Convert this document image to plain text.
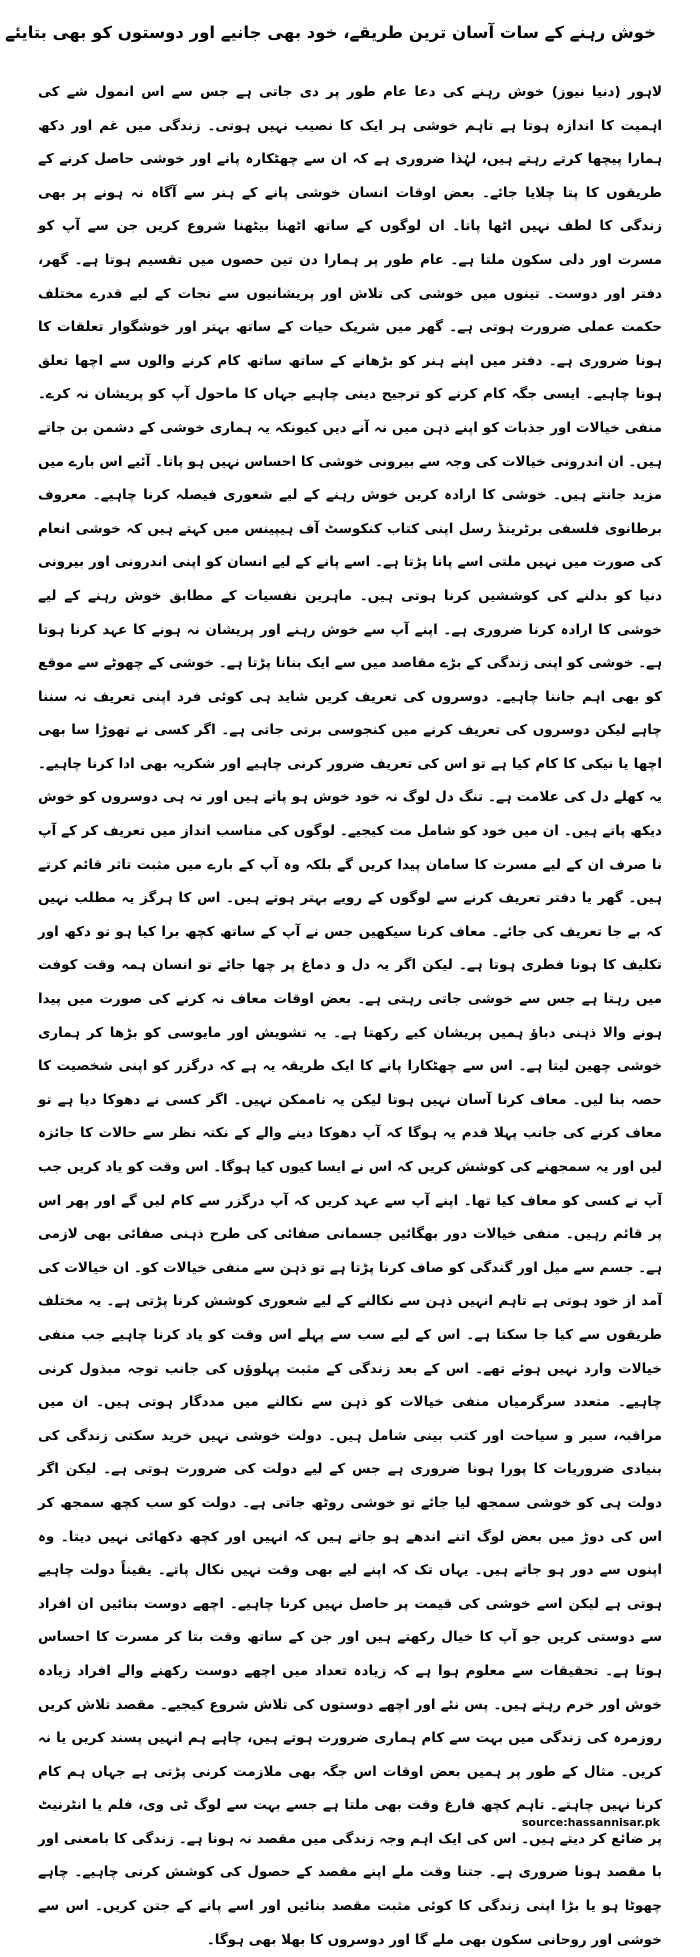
خوش رہنے کے سات آسان ترین طریقے، خود بھی جانیے اور دوستوں کو بھی بتایئے
لاہور (دنیا نیوز) خوش رہنے کی دعا عام طور پر دی جاتی ہے جس سے اس انمول شے کی اہمیت کا اندازہ ہوتا ہے تاہم خوشی ہر ایک کا نصیب نہیں ہوتی۔ زندگی میں غم اور دکھ ہمارا پیچھا کرتے رہتے ہیں، لہٰذا ضروری ہے کہ ان سے چھٹکارہ پانے اور خوشی حاصل کرنے کے طریقوں کا پتا چلایا جائے۔ بعض اوقات انسان خوشی پانے کے ہنر سے آگاہ نہ ہونے پر بھی زندگی کا لطف نہیں اٹھا پاتا۔ ان لوگوں کے ساتھ اٹھنا بیٹھنا شروع کریں جن سے آپ کو مسرت اور دلی سکون ملتا ہے۔ عام طور پر ہمارا دن تین حصوں میں تقسیم ہوتا ہے۔ گھر، دفتر اور دوست۔ تینوں میں خوشی کی تلاش اور پریشانیوں سے نجات کے لیے قدرے مختلف حکمت عملی ضرورت ہوتی ہے۔ گھر میں شریک حیات کے ساتھ بہتر اور خوشگوار تعلقات کا ہونا ضروری ہے۔ دفتر میں اپنے ہنر کو بڑھانے کے ساتھ ساتھ کام کرنے والوں سے اچھا تعلق ہونا چاہیے۔ ایسی جگہ کام کرنے کو ترجیح دینی چاہیے جہاں کا ماحول آپ کو پریشان نہ کرے۔ منفی خیالات اور جذبات کو اپنے ذہن میں نہ آنے دیں کیونکہ یہ ہماری خوشی کے دشمن بن جاتے ہیں۔ ان اندرونی خیالات کی وجہ سے بیرونی خوشی کا احساس نہیں ہو پاتا۔ آئیے اس بارے میں مزید جانتے ہیں۔ خوشی کا ارادہ کریں خوش رہنے کے لیے شعوری فیصلہ کرنا چاہیے۔ معروف برطانوی فلسفی برٹرینڈ رسل اپنی کتاب کنکوسٹ آف ہیپینس میں کہتے ہیں کہ خوشی انعام کی صورت میں نہیں ملتی اسے پانا پڑتا ہے۔ اسے پانے کے لیے انسان کو اپنی اندرونی اور بیرونی دنیا کو بدلنے کی کوششیں کرنا ہوتی ہیں۔ ماہرین نفسیات کے مطابق خوش رہنے کے لیے خوشی کا ارادہ کرنا ضروری ہے۔ اپنے آپ سے خوش رہنے اور پریشان نہ ہونے کا عہد کرنا ہوتا ہے۔ خوشی کو اپنی زندگی کے بڑے مقاصد میں سے ایک بنانا پڑتا ہے۔ خوشی کے چھوٹے سے موقع کو بھی اہم جاننا چاہیے۔ دوسروں کی تعریف کریں شاید ہی کوئی فرد اپنی تعریف نہ سننا چاہے لیکن دوسروں کی تعریف کرنے میں کنجوسی برتی جاتی ہے۔ اگر کسی نے تھوڑا سا بھی اچھا یا نیکی کا کام کیا ہے تو اس کی تعریف ضرور کرنی چاہیے اور شکریہ بھی ادا کرنا چاہیے۔ یہ کھلے دل کی علامت ہے۔ تنگ دل لوگ نہ خود خوش ہو پاتے ہیں اور نہ ہی دوسروں کو خوش دیکھ پاتے ہیں۔ ان میں خود کو شامل مت کیجیے۔ لوگوں کی مناسب انداز میں تعریف کر کے آپ نا صرف ان کے لیے مسرت کا سامان پیدا کریں گے بلکہ وہ آپ کے بارے میں مثبت تاثر قائم کرتے ہیں۔ گھر یا دفتر تعریف کرنے سے لوگوں کے رویے بہتر ہوتے ہیں۔ اس کا ہرگز یہ مطلب نہیں کہ بے جا تعریف کی جائے۔ معاف کرنا سیکھیں جس نے آپ کے ساتھ کچھ برا کیا ہو تو دکھ اور تکلیف کا ہونا فطری ہوتا ہے۔ لیکن اگر یہ دل و دماغ پر چھا جائے تو انسان ہمہ وقت کوفت میں رہتا ہے جس سے خوشی جاتی رہتی ہے۔ بعض اوقات معاف نہ کرنے کی صورت میں پیدا ہونے والا ذہنی دباؤ ہمیں پریشان کیے رکھتا ہے۔ یہ تشویش اور مایوسی کو بڑھا کر ہماری خوشی چھین لیتا ہے۔ اس سے چھٹکارا پانے کا ایک طریقہ یہ ہے کہ درگزر کو اپنی شخصیت کا حصہ بنا لیں۔ معاف کرنا آسان نہیں ہوتا لیکن یہ ناممکن نہیں۔ اگر کسی نے دھوکا دیا ہے تو معاف کرنے کی جانب پہلا قدم یہ ہوگا کہ آپ دھوکا دینے والے کے نکتہ نظر سے حالات کا جائزہ لیں اور یہ سمجھنے کی کوشش کریں کہ اس نے ایسا کیوں کیا ہوگا۔ اس وقت کو یاد کریں جب آپ نے کسی کو معاف کیا تھا۔ اپنے آپ سے عہد کریں کہ آپ درگزر سے کام لیں گے اور پھر اس پر قائم رہیں۔ منفی خیالات دور بھگائیں جسمانی صفائی کی طرح ذہنی صفائی بھی لازمی ہے۔ جسم سے میل اور گندگی کو صاف کرنا پڑتا ہے تو ذہن سے منفی خیالات کو۔ ان خیالات کی آمد از خود ہوتی ہے تاہم انہیں ذہن سے نکالنے کے لیے شعوری کوشش کرنا پڑتی ہے۔ یہ مختلف طریقوں سے کیا جا سکتا ہے۔ اس کے لیے سب سے پہلے اس وقت کو یاد کرنا چاہیے جب منفی خیالات وارد نہیں ہوئے تھے۔ اس کے بعد زندگی کے مثبت پہلوؤں کی جانب توجہ مبذول کرنی چاہیے۔ متعدد سرگرمیاں منفی خیالات کو ذہن سے نکالنے میں مددگار ہوتی ہیں۔ ان میں مراقبہ، سیر و سیاحت اور کتب بینی شامل ہیں۔ دولت خوشی نہیں خرید سکتی زندگی کی بنیادی ضروریات کا پورا ہونا ضروری ہے جس کے لیے دولت کی ضرورت ہوتی ہے۔ لیکن اگر دولت ہی کو خوشی سمجھ لیا جائے تو خوشی روٹھ جاتی ہے۔ دولت کو سب کچھ سمجھ کر اس کی دوڑ میں بعض لوگ اتنے اندھے ہو جاتے ہیں کہ انہیں اور کچھ دکھائی نہیں دیتا۔ وہ اپنوں سے دور ہو جاتے ہیں۔ یہاں تک کہ اپنے لیے بھی وقت نہیں نکال پاتے۔ یقیناً دولت چاہیے ہوتی ہے لیکن اسے خوشی کی قیمت پر حاصل نہیں کرنا چاہیے۔ اچھے دوست بنائیں ان افراد سے دوستی کریں جو آپ کا خیال رکھتے ہیں اور جن کے ساتھ وقت بتا کر مسرت کا احساس ہوتا ہے۔ تحقیقات سے معلوم ہوا ہے کہ زیادہ تعداد میں اچھے دوست رکھنے والے افراد زیادہ خوش اور خرم رہتے ہیں۔ پس نئے اور اچھے دوستوں کی تلاش شروع کیجیے۔ مقصد تلاش کریں روزمرہ کی زندگی میں بہت سے کام ہماری ضرورت ہوتے ہیں، چاہے ہم انہیں پسند کریں یا نہ کریں۔ مثال کے طور پر ہمیں بعض اوقات اس جگہ بھی ملازمت کرنی پڑتی ہے جہاں ہم کام کرنا نہیں چاہتے۔ تاہم کچھ فارغ وقت بھی ملتا ہے جسے بہت سے لوگ ٹی وی، فلم یا انٹرنیٹ پر ضائع کر دیتے ہیں۔ اس کی ایک اہم وجہ زندگی میں مقصد نہ ہونا ہے۔ زندگی کا بامعنی اور با مقصد ہونا ضروری ہے۔ جتنا وقت ملے اپنے مقصد کے حصول کی کوشش کرنی چاہیے۔ چاہے چھوٹا ہو یا بڑا اپنی زندگی کا کوئی مثبت مقصد بنائیں اور اسے پانے کے جتن کریں۔ اس سے خوشی اور روحانی سکون بھی ملے گا اور دوسروں کا بھلا بھی ہوگا۔
source:hassannisar.pk
